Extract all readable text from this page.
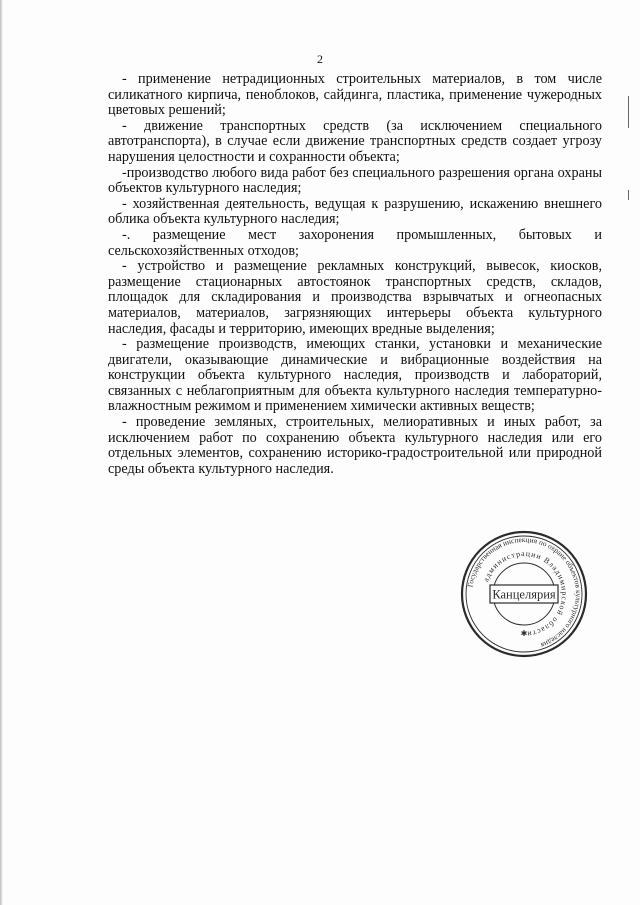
2

- применение нетрадиционных строительных материалов, в том числе силикатного кирпича, пеноблоков, сайдинга, пластика, применение чужеродных цветовых решений;

- движение транспортных средств (за исключением специального автотранспорта), в случае если движение транспортных средств создает угрозу нарушения целостности и сохранности объекта;

-производство любого вида работ без специального разрешения органа охраны объектов культурного наследия;

- хозяйственная деятельность, ведущая к разрушению, искажению внешнего облика объекта культурного наследия;

-. размещение мест захоронения промышленных, бытовых и сельскохозяйственных отходов;

- устройство и размещение рекламных конструкций, вывесок, киосков, размещение стационарных автостоянок транспортных средств, складов, площадок для складирования и производства взрывчатых и огнеопасных материалов, материалов, загрязняющих интерьеры объекта культурного наследия, фасады и территорию, имеющих вредные выделения;

- размещение производств, имеющих станки, установки и механические двигатели, оказывающие динамические и вибрационные воздействия на конструкции объекта культурного наследия, производств и лабораторий, связанных с неблагоприятным для объекта культурного наследия температурно-влажностным режимом и применением химически активных веществ;

- проведение земляных, строительных, мелиоративных и иных работ, за исключением работ по сохранению объекта культурного наследия или его отдельных элементов, сохранению историко-градостроительной или природной среды объекта культурного наследия.

Государственная инспекция по охране объектов культурного наследия
администрации Владимирской области
Канцелярия
✱
